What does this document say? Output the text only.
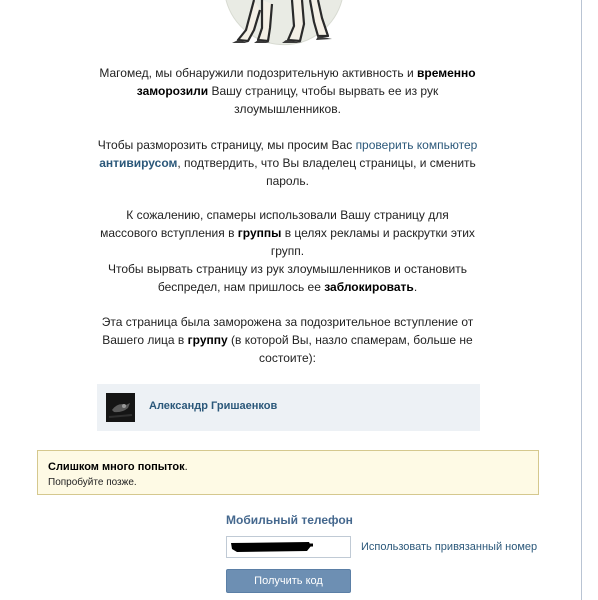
Магомед, мы обнаружили подозрительную активность и временно заморозили Вашу страницу, чтобы вырвать ее из рук злоумышленников.
Чтобы разморозить страницу, мы просим Вас проверить компьютер антивирусом, подтвердить, что Вы владелец страницы, и сменить пароль.
К сожалению, спамеры использовали Вашу страницу для массового вступления в группы в целях рекламы и раскрутки этих групп.
Чтобы вырвать страницу из рук злоумышленников и остановить беспредел, нам пришлось ее заблокировать.
Эта страница была заморожена за подозрительное вступление от Вашего лица в группу (в которой Вы, назло спамерам, больше не состоите):
Александр Гришаенков
Слишком много попыток.
Попробуйте позже.
Мобильный телефон
Использовать привязанный номер
Получить код
